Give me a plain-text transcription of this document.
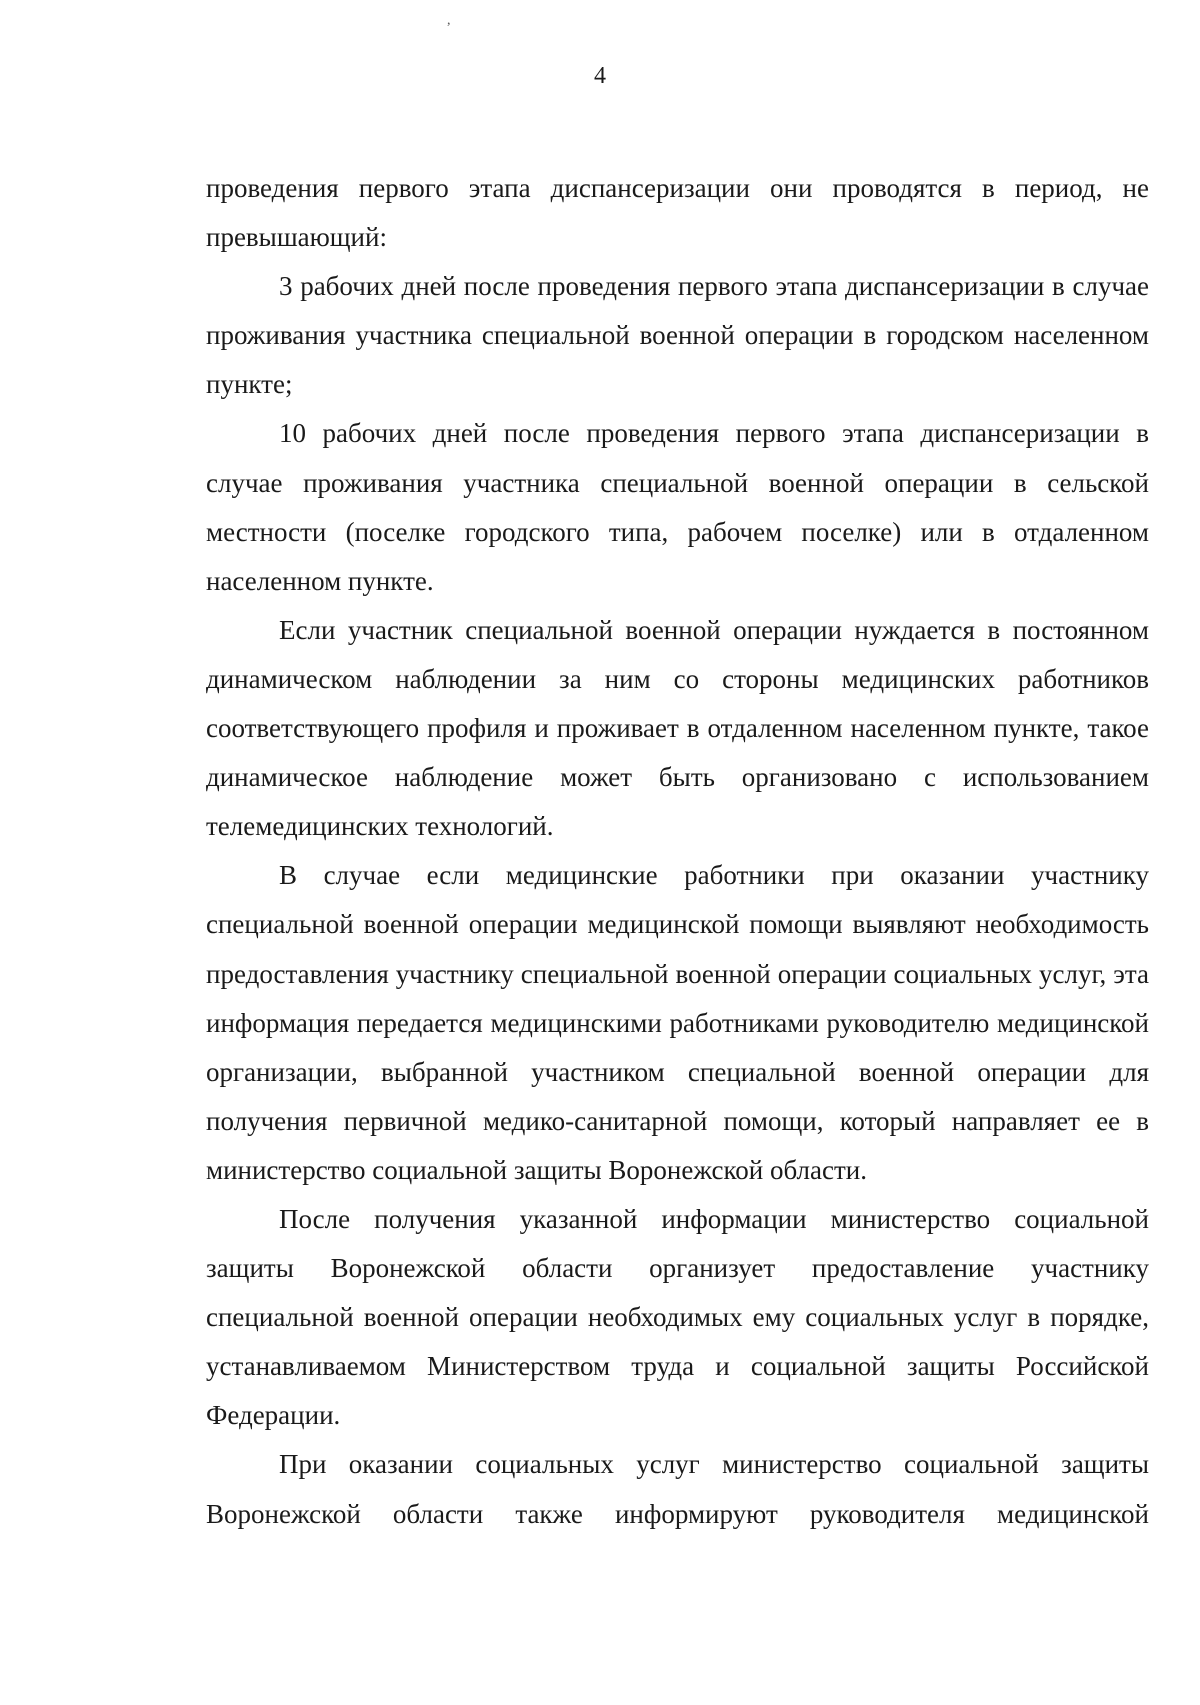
,
4

проведения первого этапа диспансеризации они проводятся в период, не превышающий:

3 рабочих дней после проведения первого этапа диспансеризации в случае проживания участника специальной военной операции в городском населенном пункте;

10 рабочих дней после проведения первого этапа диспансеризации в случае проживания участника специальной военной операции в сельской местности (поселке городского типа, рабочем поселке) или в отдаленном населенном пункте.

Если участник специальной военной операции нуждается в постоянном динамическом наблюдении за ним со стороны медицинских работников соответствующего профиля и проживает в отдаленном населенном пункте, такое динамическое наблюдение может быть организовано с использованием телемедицинских технологий.

В случае если медицинские работники при оказании участнику специальной военной операции медицинской помощи выявляют необходимость предоставления участнику специальной военной операции социальных услуг, эта информация передается медицинскими работниками руководителю медицинской организации, выбранной участником специальной военной операции для получения первичной медико-санитарной помощи, который направляет ее в министерство социальной защиты Воронежской области.

После получения указанной информации министерство социальной защиты Воронежской области организует предоставление участнику специальной военной операции необходимых ему социальных услуг в порядке, устанавливаемом Министерством труда и социальной защиты Российской Федерации.

При оказании социальных услуг министерство социальной защиты Воронежской области также информируют руководителя медицинской
